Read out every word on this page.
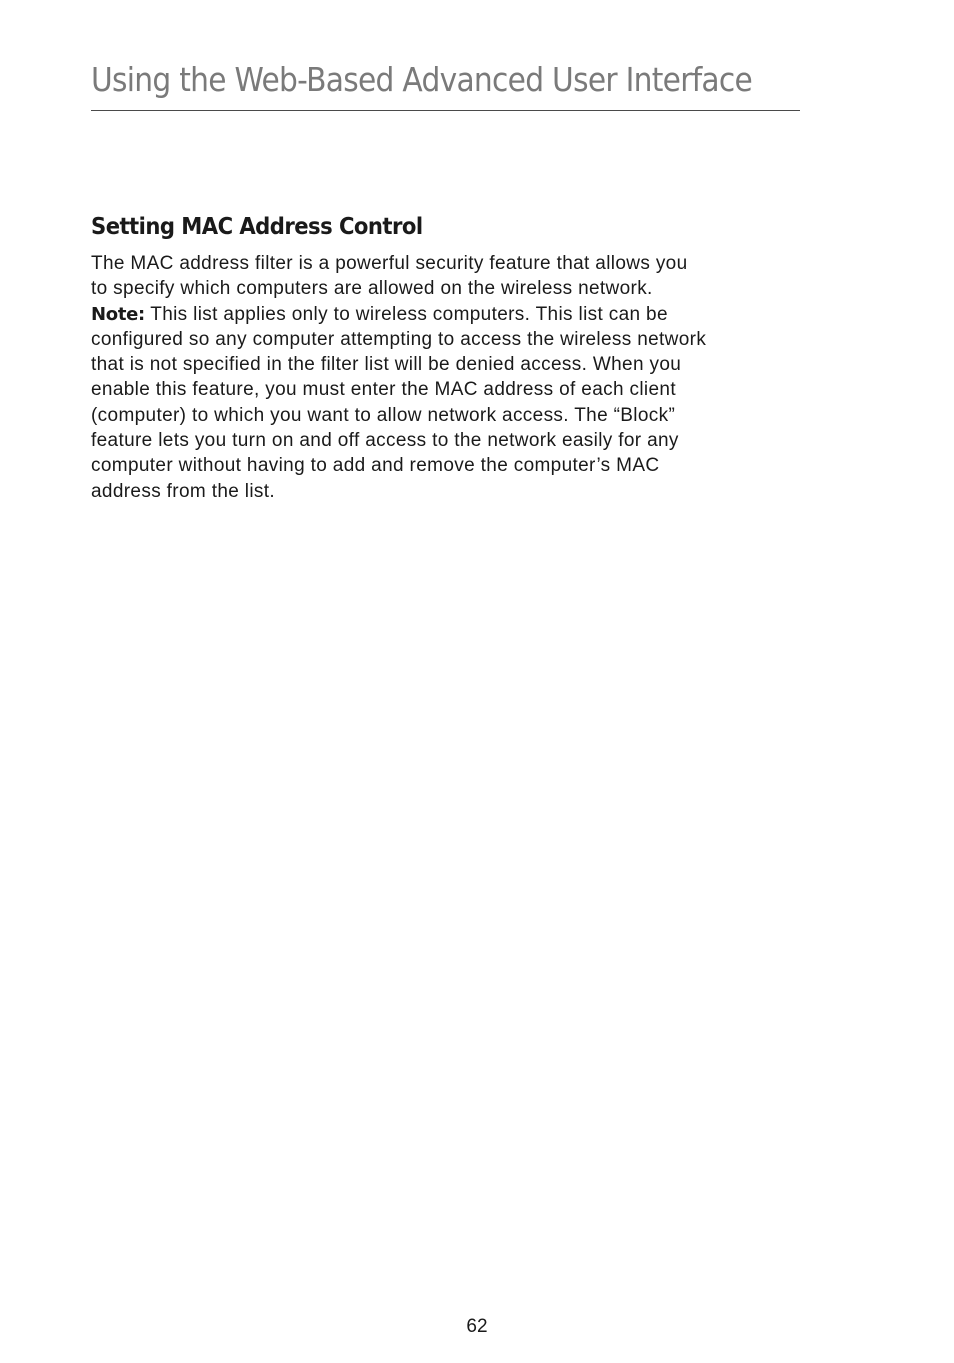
Using the Web-Based Advanced User Interface
Setting MAC Address Control

The MAC address filter is a powerful security feature that allows you
to specify which computers are allowed on the wireless network.
Note: This list applies only to wireless computers. This list can be
configured so any computer attempting to access the wireless network
that is not specified in the filter list will be denied access. When you
enable this feature, you must enter the MAC address of each client
(computer) to which you want to allow network access. The “Block”
feature lets you turn on and off access to the network easily for any
computer without having to add and remove the computer’s MAC
address from the list.

62
